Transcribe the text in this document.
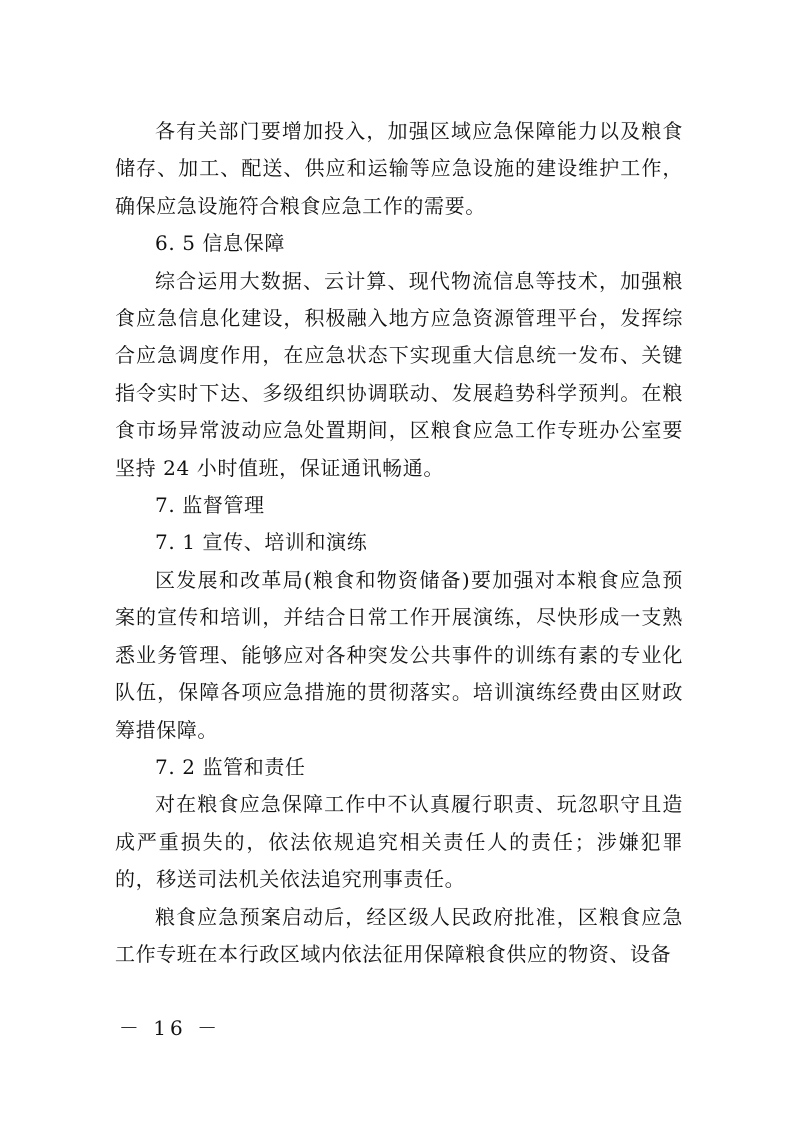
各有关部门要增加投入，加强区域应急保障能力以及粮食储存、加工、配送、供应和运输等应急设施的建设维护工作，确保应急设施符合粮食应急工作的需要。

6. 5 信息保障

综合运用大数据、云计算、现代物流信息等技术，加强粮食应急信息化建设，积极融入地方应急资源管理平台，发挥综合应急调度作用，在应急状态下实现重大信息统一发布、关键指令实时下达、多级组织协调联动、发展趋势科学预判。在粮食市场异常波动应急处置期间，区粮食应急工作专班办公室要坚持 24 小时值班，保证通讯畅通。

7. 监督管理

7. 1 宣传、培训和演练

区发展和改革局(粮食和物资储备)要加强对本粮食应急预案的宣传和培训，并结合日常工作开展演练，尽快形成一支熟悉业务管理、能够应对各种突发公共事件的训练有素的专业化队伍，保障各项应急措施的贯彻落实。培训演练经费由区财政筹措保障。

7. 2 监管和责任

对在粮食应急保障工作中不认真履行职责、玩忽职守且造成严重损失的，依法依规追究相关责任人的责任；涉嫌犯罪的，移送司法机关依法追究刑事责任。

粮食应急预案启动后，经区级人民政府批准，区粮食应急工作专班在本行政区域内依法征用保障粮食供应的物资、设备

－ 16 －
